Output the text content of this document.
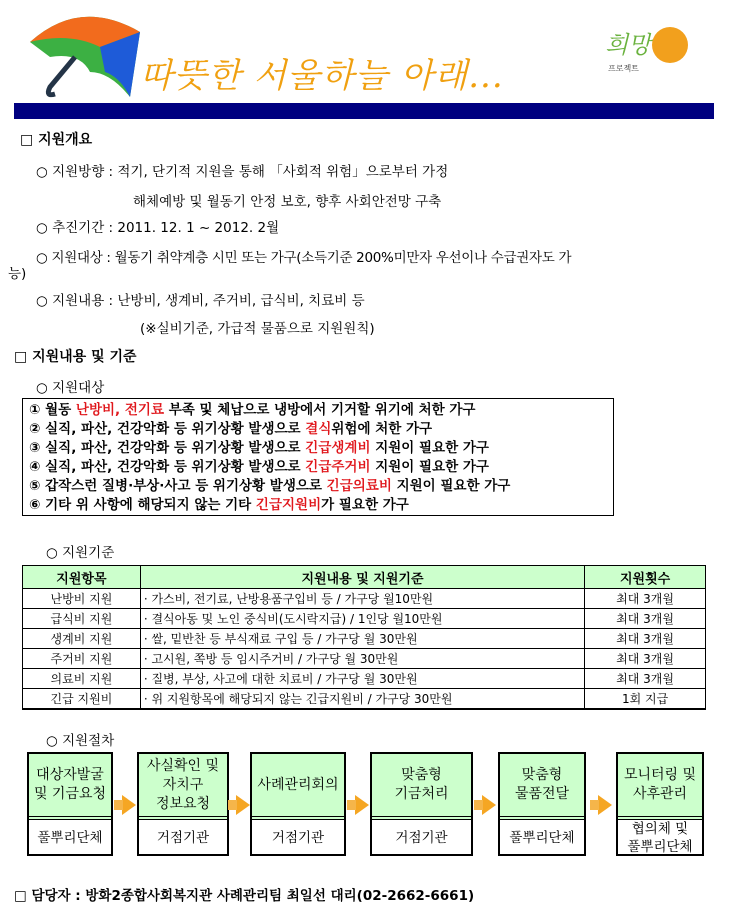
따뜻한 서울하늘 아래...
희망
프로젝트
□ 지원개요
○ 지원방향 : 적기, 단기적 지원을 통해 「사회적 위험」으로부터 가정
해체예방 및 월동기 안정 보호, 향후 사회안전망 구축
○ 추진기간 : 2011. 12. 1 ~ 2012. 2월
○ 지원대상 : 월동기 취약계층 시민 또는 가구(소득기준 200%미만자 우선이나 수급권자도 가
능)
○ 지원내용 : 난방비, 생계비, 주거비, 급식비, 치료비 등
(※실비기준, 가급적 물품으로 지원원칙)
□ 지원내용 및 기준
○ 지원대상
① 월동 난방비, 전기료 부족 및 체납으로 냉방에서 기거할 위기에 처한 가구
② 실직, 파산, 건강악화 등 위기상황 발생으로 결식위험에 처한 가구
③ 실직, 파산, 건강악화 등 위기상황 발생으로 긴급생계비 지원이 필요한 가구
④ 실직, 파산, 건강악화 등 위기상황 발생으로 긴급주거비 지원이 필요한 가구
⑤ 갑작스런 질병·부상·사고 등 위기상황 발생으로 긴급의료비 지원이 필요한 가구
⑥ 기타 위 사항에 해당되지 않는 기타 긴급지원비가 필요한 가구
○ 지원기준
지원항목	지원내용 및 지원기준	지원횟수
난방비 지원	· 가스비, 전기료, 난방용품구입비 등 / 가구당 월10만원	최대 3개월
급식비 지원	· 결식아동 및 노인 중식비(도시락지급) / 1인당 월10만원	최대 3개월
생계비 지원	· 쌀, 밑반찬 등 부식재료 구입 등 / 가구당 월 30만원	최대 3개월
주거비 지원	· 고시원, 쪽방 등 임시주거비 / 가구당 월 30만원	최대 3개월
의료비 지원	· 질병, 부상, 사고에 대한 치료비 / 가구당 월 30만원	최대 3개월
긴급 지원비	· 위 지원항목에 해당되지 않는 긴급지원비 / 가구당 30만원	1회 지급
○ 지원절차
대상자발굴
및 기금요청
풀뿌리단체
사실확인 및
자치구
정보요청
거점기관
사례관리회의
거점기관
맞춤형
기금처리
거점기관
맞춤형
물품전달
풀뿌리단체
모니터링 및
사후관리
협의체 및
풀뿌리단체
□ 담당자 : 방화2종합사회복지관 사례관리팀 최일선 대리(02-2662-6661)
